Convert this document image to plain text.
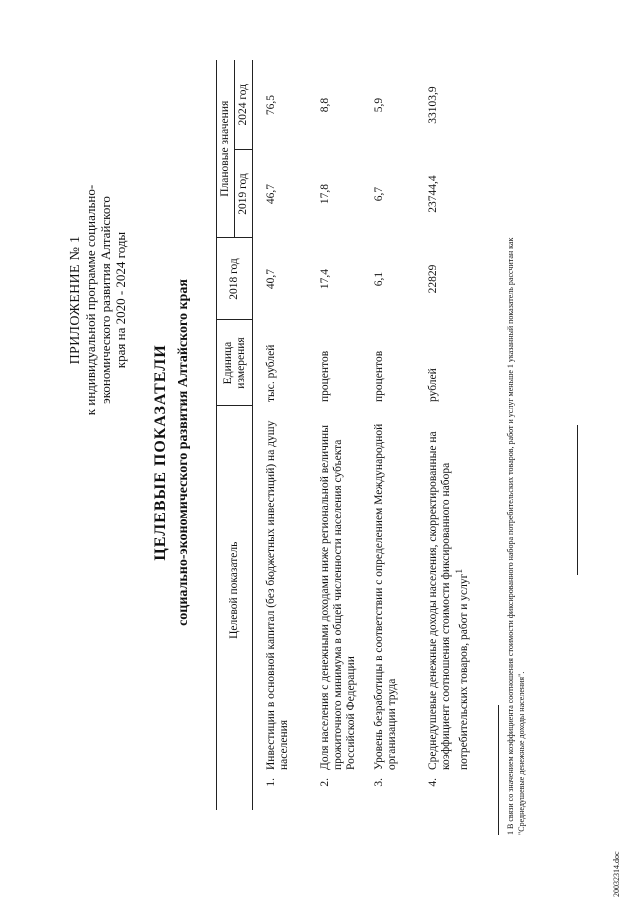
ПРИЛОЖЕНИЕ № 1 к индивидуальной программе социально- экономического развития Алтайского края на 2020 - 2024 годы
ЦЕЛЕВЫЕ ПОКАЗАТЕЛИ социально-экономического развития Алтайского края
		Целевой показатель	Единица измерения	2018 год	Плановые значения	
				2019 год	2024 год
1.	Инвестиции в основной капитал (без бюджетных инвестиций) на душу населения	тыс. рублей	40,7	46,7	76,5
2.	Доля населения с денежными доходами ниже региональной величины прожиточного минимума в общей численности населения субъекта Российской Федерации	процентов	17,4	17,8	8,8
3.	Уровень безработицы в соответствии с определением Международной организации труда	процентов	6,1	6,7	5,9
4.	Среднедушевые денежные доходы населения, скорректированные на коэффициент соотношения стоимости фиксированного набора потребительских товаров, работ и услуг$^1$	рублей	22829	23744,4	33103,9
1 В связи со значением коэффициента соотношения стоимости фиксированного набора потребительских товаров, работ и услуг меньше 1 указанный показатель рассчитан как "Среднедушевые денежные доходы населения".
20032314.doc
